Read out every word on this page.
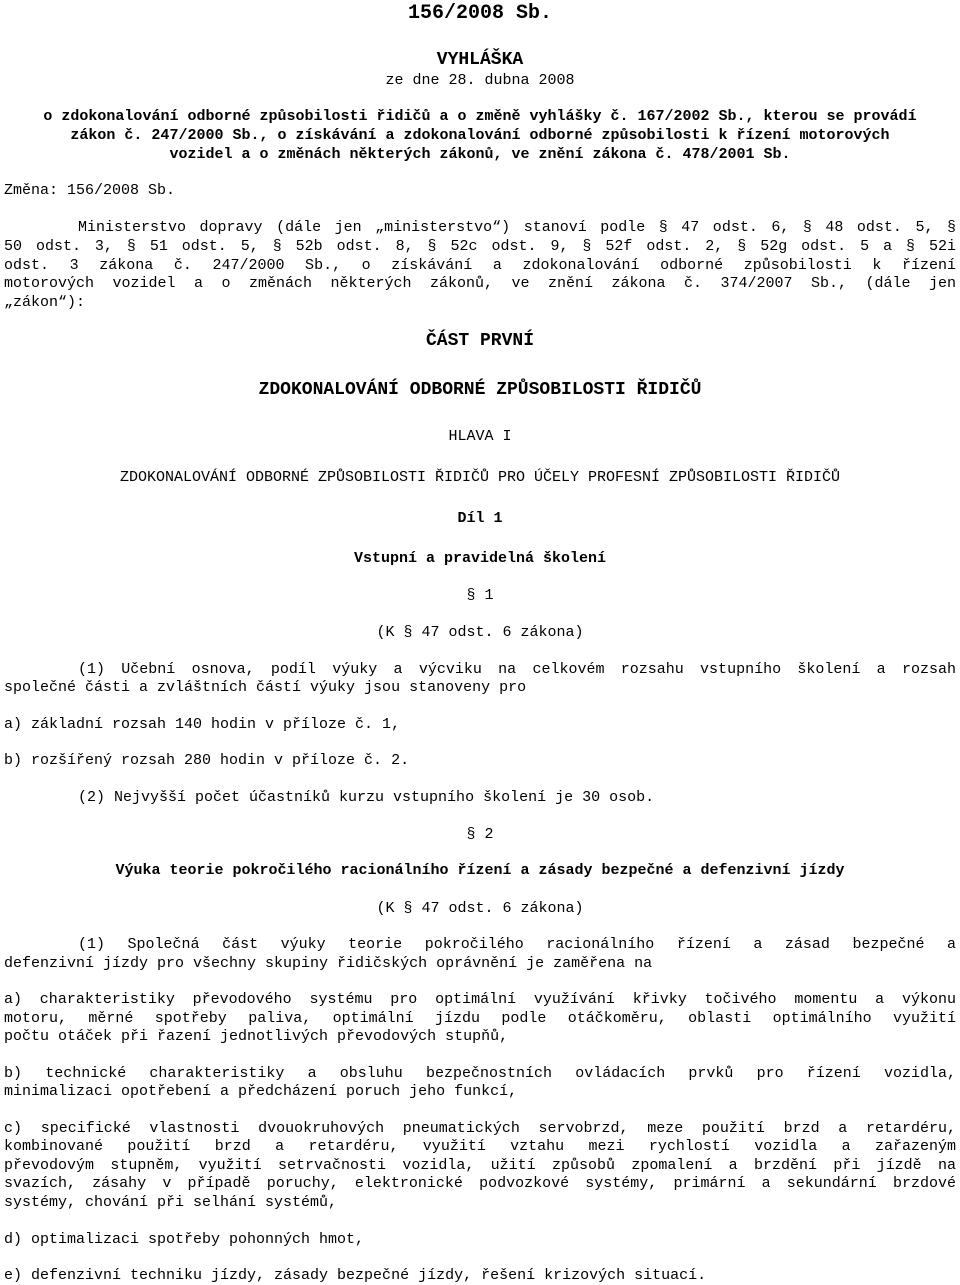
156/2008 Sb.
VYHLÁŠKA
ze dne 28. dubna 2008
o zdokonalování odborné způsobilosti řidičů a o změně vyhlášky č. 167/2002 Sb., kterou se provádí
zákon č. 247/2000 Sb., o získávání a zdokonalování odborné způsobilosti k řízení motorových
vozidel a o změnách některých zákonů, ve znění zákona č. 478/2001 Sb.
Změna: 156/2008 Sb.
Ministerstvo dopravy (dále jen „ministerstvo“) stanoví podle § 47 odst. 6, § 48 odst. 5, §
50 odst. 3, § 51 odst. 5, § 52b odst. 8, § 52c odst. 9, § 52f odst. 2, § 52g odst. 5 a § 52i
odst. 3 zákona č. 247/2000 Sb., o získávání a zdokonalování odborné způsobilosti k řízení
motorových vozidel a o změnách některých zákonů, ve znění zákona č. 374/2007 Sb., (dále jen
„zákon“):
ČÁST PRVNÍ
ZDOKONALOVÁNÍ ODBORNÉ ZPŮSOBILOSTI ŘIDIČŮ
HLAVA I
ZDOKONALOVÁNÍ ODBORNÉ ZPŮSOBILOSTI ŘIDIČŮ PRO ÚČELY PROFESNÍ ZPŮSOBILOSTI ŘIDIČŮ
Díl 1
Vstupní a pravidelná školení
§ 1
(K § 47 odst. 6 zákona)
(1) Učební osnova, podíl výuky a výcviku na celkovém rozsahu vstupního školení a rozsah
společné části a zvláštních částí výuky jsou stanoveny pro
a) základní rozsah 140 hodin v příloze č. 1,
b) rozšířený rozsah 280 hodin v příloze č. 2.
(2) Nejvyšší počet účastníků kurzu vstupního školení je 30 osob.
§ 2
Výuka teorie pokročilého racionálního řízení a zásady bezpečné a defenzivní jízdy
(K § 47 odst. 6 zákona)
(1) Společná část výuky teorie pokročilého racionálního řízení a zásad bezpečné a
defenzivní jízdy pro všechny skupiny řidičských oprávnění je zaměřena na
a) charakteristiky převodového systému pro optimální využívání křivky točivého momentu a výkonu
motoru, měrné spotřeby paliva, optimální jízdu podle otáčkoměru, oblasti optimálního využití
počtu otáček při řazení jednotlivých převodových stupňů,
b) technické charakteristiky a obsluhu bezpečnostních ovládacích prvků pro řízení vozidla,
minimalizaci opotřebení a předcházení poruch jeho funkcí,
c) specifické vlastnosti dvouokruhových pneumatických servobrzd, meze použití brzd a retardéru,
kombinované použití brzd a retardéru, využití vztahu mezi rychlostí vozidla a zařazeným
převodovým stupněm, využití setrvačnosti vozidla, užití způsobů zpomalení a brzdění při jízdě na
svazích, zásahy v případě poruchy, elektronické podvozkové systémy, primární a sekundární brzdové
systémy, chování při selhání systémů,
d) optimalizaci spotřeby pohonných hmot,
e) defenzivní techniku jízdy, zásady bezpečné jízdy, řešení krizových situací.
